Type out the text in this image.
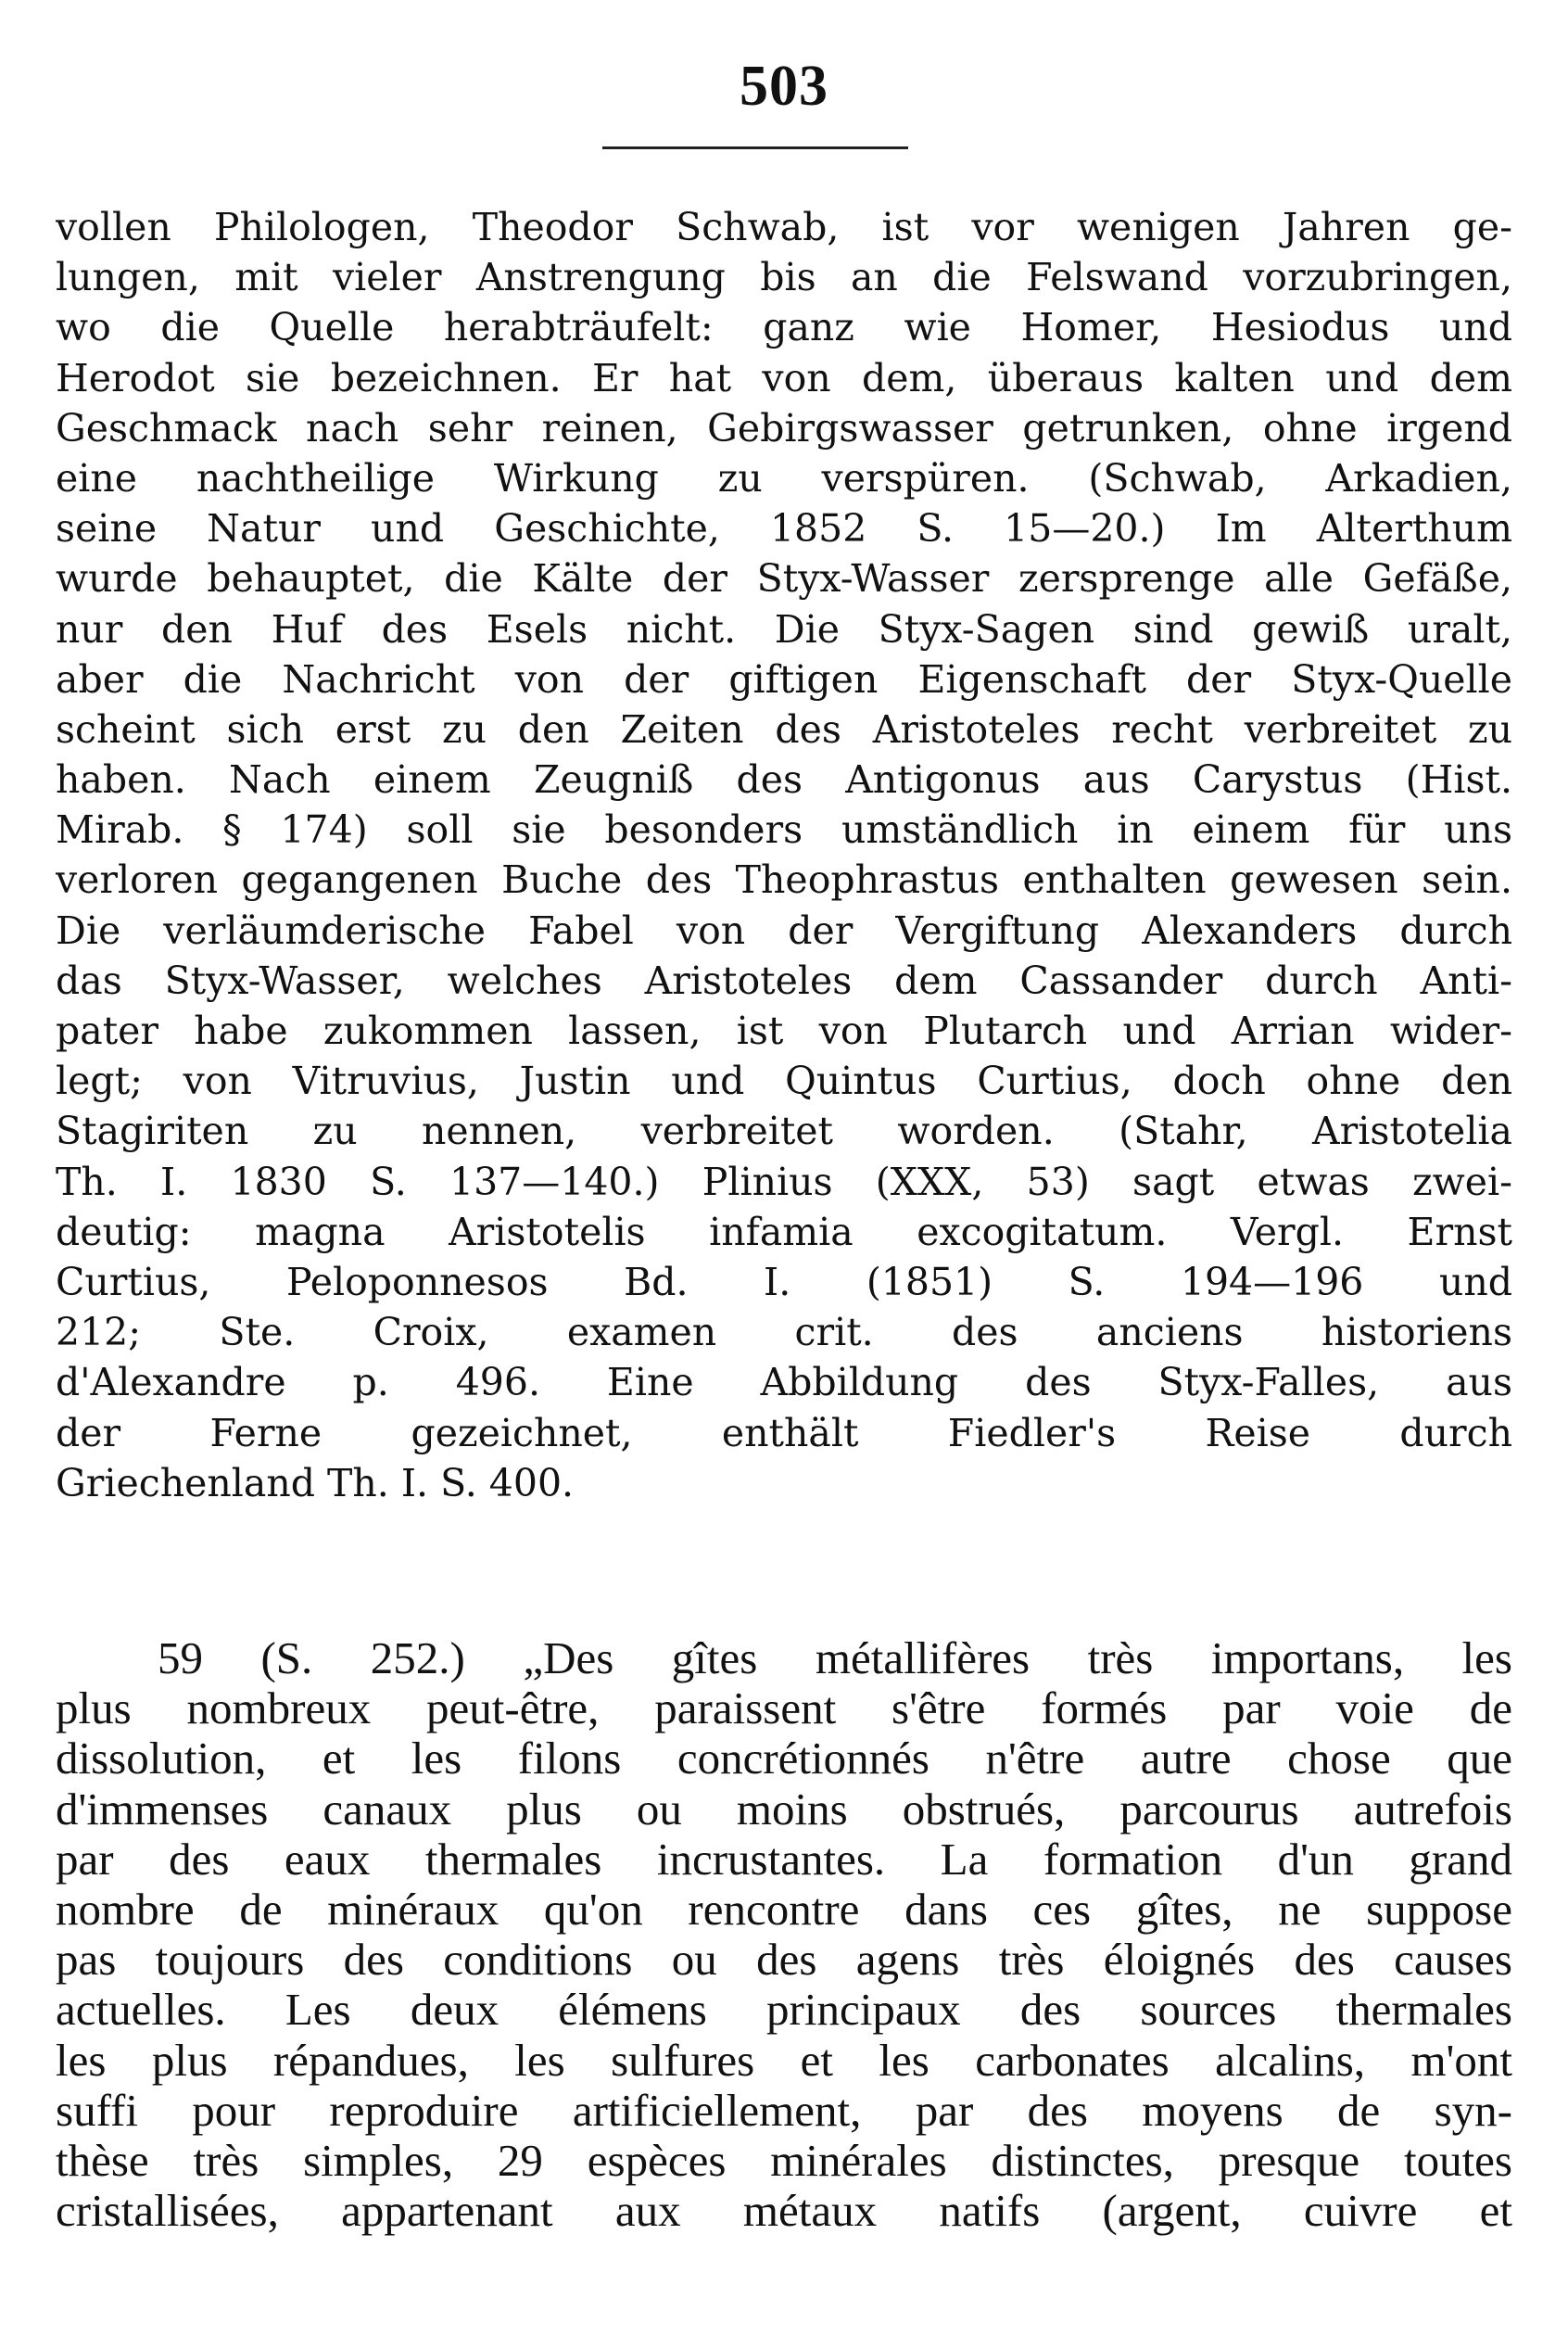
503
vollen Philologen, Theodor Schwab, ist vor wenigen Jahren ge-
lungen, mit vieler Anstrengung bis an die Felswand vorzubringen,
wo die Quelle herabträufelt: ganz wie Homer, Hesiodus und
Herodot sie bezeichnen. Er hat von dem, überaus kalten und dem
Geschmack nach sehr reinen, Gebirgswasser getrunken, ohne irgend
eine nachtheilige Wirkung zu verspüren. (Schwab, Arkadien,
seine Natur und Geschichte, 1852 S. 15—20.) Im Alterthum
wurde behauptet, die Kälte der Styx-Wasser zersprenge alle Gefäße,
nur den Huf des Esels nicht. Die Styx-Sagen sind gewiß uralt,
aber die Nachricht von der giftigen Eigenschaft der Styx-Quelle
scheint sich erst zu den Zeiten des Aristoteles recht verbreitet zu
haben. Nach einem Zeugniß des Antigonus aus Carystus (Hist.
Mirab. § 174) soll sie besonders umständlich in einem für uns
verloren gegangenen Buche des Theophrastus enthalten gewesen sein.
Die verläumderische Fabel von der Vergiftung Alexanders durch
das Styx-Wasser, welches Aristoteles dem Cassander durch Anti-
pater habe zukommen lassen, ist von Plutarch und Arrian wider-
legt; von Vitruvius, Justin und Quintus Curtius, doch ohne den
Stagiriten zu nennen, verbreitet worden. (Stahr, Aristotelia
Th. I. 1830 S. 137—140.) Plinius (XXX, 53) sagt etwas zwei-
deutig: magna Aristotelis infamia excogitatum. Vergl. Ernst
Curtius, Peloponnesos Bd. I. (1851) S. 194—196 und
212; Ste. Croix, examen crit. des anciens historiens
d'Alexandre p. 496. Eine Abbildung des Styx-Falles, aus
der Ferne gezeichnet, enthält Fiedler's Reise durch
Griechenland Th. I. S. 400.
59 (S. 252.) „Des gîtes métallifères très importans, les
plus nombreux peut-être, paraissent s'être formés par voie de
dissolution, et les filons concrétionnés n'être autre chose que
d'immenses canaux plus ou moins obstrués, parcourus autrefois
par des eaux thermales incrustantes. La formation d'un grand
nombre de minéraux qu'on rencontre dans ces gîtes, ne suppose
pas toujours des conditions ou des agens très éloignés des causes
actuelles. Les deux élémens principaux des sources thermales
les plus répandues, les sulfures et les carbonates alcalins, m'ont
suffi pour reproduire artificiellement, par des moyens de syn-
thèse très simples, 29 espèces minérales distinctes, presque toutes
cristallisées, appartenant aux métaux natifs (argent, cuivre et
